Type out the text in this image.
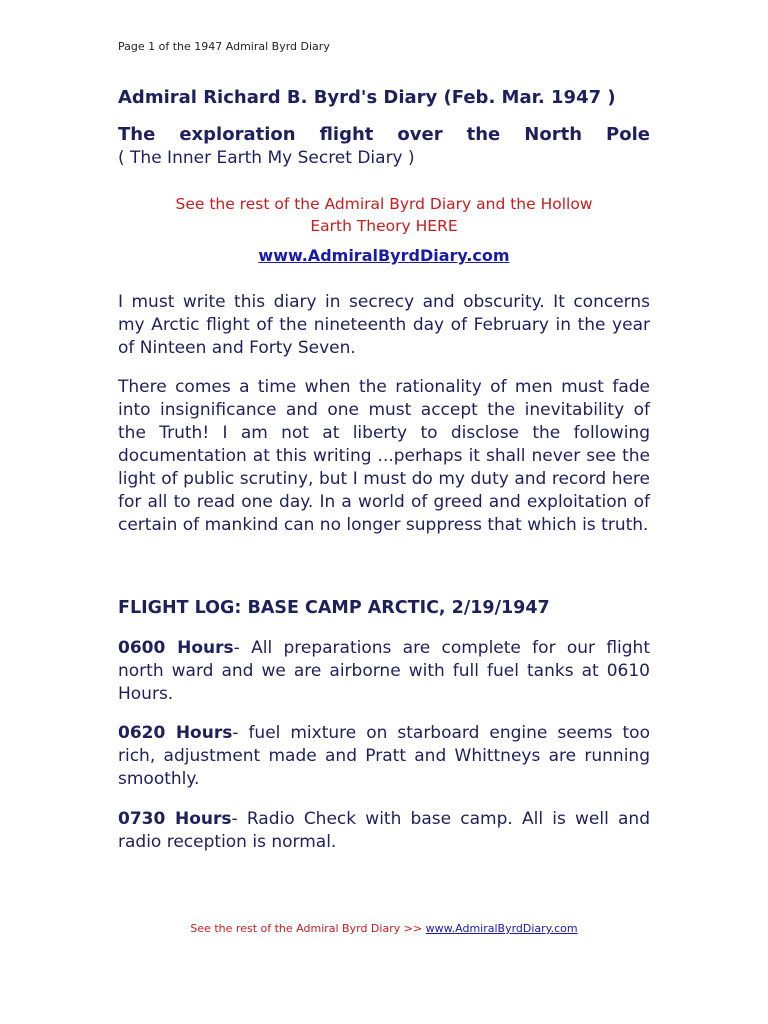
Page 1 of the 1947 Admiral Byrd Diary
Admiral Richard B. Byrd's Diary (Feb. Mar. 1947 )
The exploration flight over the North Pole
( The Inner Earth My Secret Diary )
See the rest of the Admiral Byrd Diary and the Hollow
Earth Theory HERE
www.AdmiralByrdDiary.com
I must write this diary in secrecy and obscurity. It concerns my Arctic flight of the nineteenth day of February in the year of Ninteen and Forty Seven.
There comes a time when the rationality of men must fade into insignificance and one must accept the inevitability of the Truth! I am not at liberty to disclose the following documentation at this writing ...perhaps it shall never see the light of public scrutiny, but I must do my duty and record here for all to read one day. In a world of greed and exploitation of certain of mankind can no longer suppress that which is truth.
FLIGHT LOG: BASE CAMP ARCTIC, 2/19/1947
0600 Hours- All preparations are complete for our flight north ward and we are airborne with full fuel tanks at 0610 Hours.
0620 Hours- fuel mixture on starboard engine seems too rich, adjustment made and Pratt and Whittneys are running smoothly.
0730 Hours- Radio Check with base camp. All is well and radio reception is normal.
See the rest of the Admiral Byrd Diary >> www.AdmiralByrdDiary.com
